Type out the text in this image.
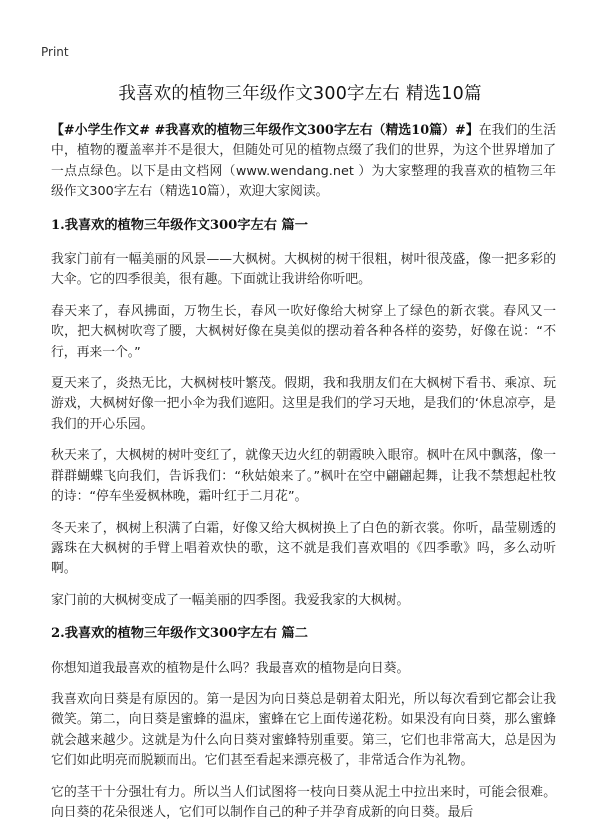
Print
我喜欢的植物三年级作文300字左右 精选10篇

【#小学生作文# #我喜欢的植物三年级作文300字左右（精选10篇）#】在我们的生活中，植物的覆盖率并不是很大，但随处可见的植物点缀了我们的世界，为这个世界增加了一点点绿色。以下是由文档网（www.wendang.net ）为大家整理的我喜欢的植物三年级作文300字左右（精选10篇），欢迎大家阅读。

1.我喜欢的植物三年级作文300字左右 篇一

我家门前有一幅美丽的风景——大枫树。大枫树的树干很粗，树叶很茂盛，像一把多彩的大伞。它的四季很美，很有趣。下面就让我讲给你听吧。

春天来了，春风拂面，万物生长，春风一吹好像给大树穿上了绿色的新衣裳。春风又一吹，把大枫树吹弯了腰，大枫树好像在臭美似的摆动着各种各样的姿势，好像在说：“不行，再来一个。”

夏天来了，炎热无比，大枫树枝叶繁茂。假期，我和我朋友们在大枫树下看书、乘凉、玩游戏，大枫树好像一把小伞为我们遮阳。这里是我们的学习天地，是我们的‘休息凉亭，是我们的开心乐园。

秋天来了，大枫树的树叶变红了，就像天边火红的朝霞映入眼帘。枫叶在风中飘落，像一群群蝴蝶飞向我们，告诉我们：“秋姑娘来了。”枫叶在空中翩翩起舞，让我不禁想起杜牧的诗：“停车坐爱枫林晚，霜叶红于二月花”。

冬天来了，枫树上积满了白霜，好像又给大枫树换上了白色的新衣裳。你听，晶莹剔透的露珠在大枫树的手臂上唱着欢快的歌，这不就是我们喜欢唱的《四季歌》吗，多么动听啊。

家门前的大枫树变成了一幅美丽的四季图。我爱我家的大枫树。

2.我喜欢的植物三年级作文300字左右 篇二

你想知道我最喜欢的植物是什么吗？我最喜欢的植物是向日葵。

我喜欢向日葵是有原因的。第一是因为向日葵总是朝着太阳光，所以每次看到它都会让我微笑。第二，向日葵是蜜蜂的温床，蜜蜂在它上面传递花粉。如果没有向日葵，那么蜜蜂就会越来越少。这就是为什么向日葵对蜜蜂特别重要。第三，它们也非常高大，总是因为它们如此明亮而脱颖而出。它们甚至看起来漂亮极了，非常适合作为礼物。

它的茎干十分强壮有力。所以当人们试图将一枝向日葵从泥土中拉出来时，可能会很难。向日葵的花朵很迷人，它们可以制作自己的种子并孕育成新的向日葵。最后
